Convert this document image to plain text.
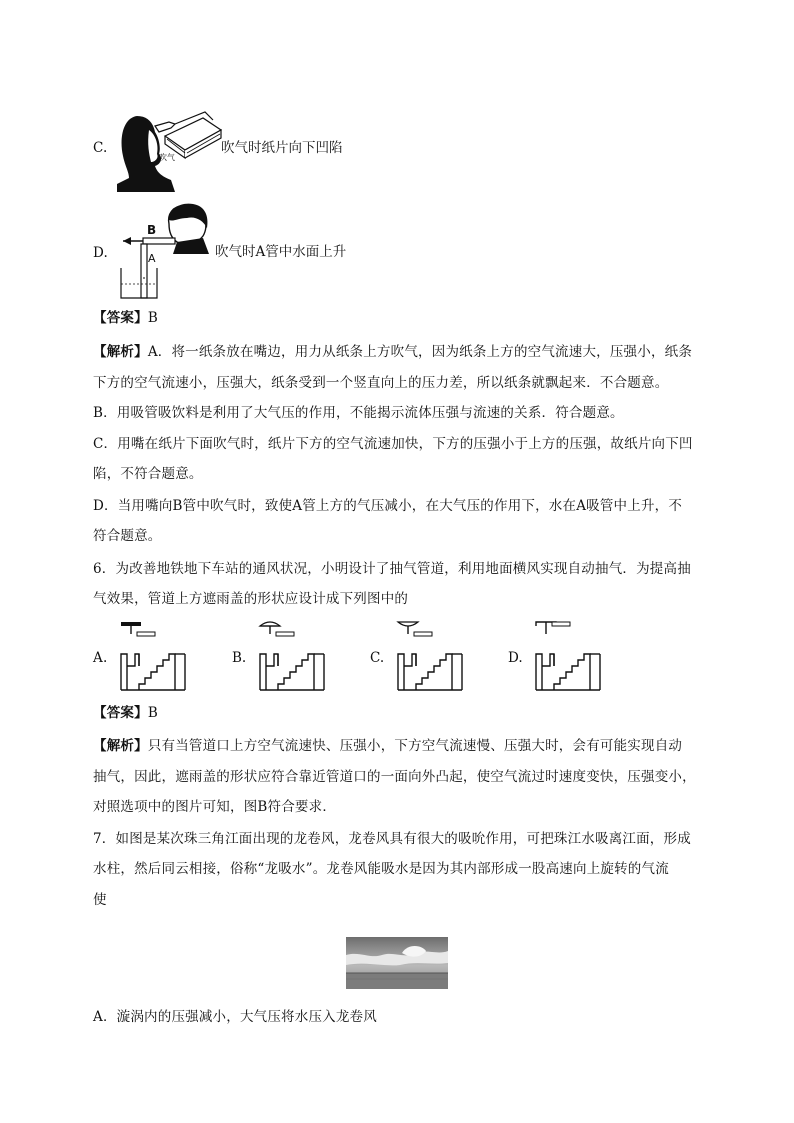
C.
吹气
吹气时纸片向下凹陷
D.
B
A	吹气时A管中水面上升
【答案】B
【解析】A．将一纸条放在嘴边，用力从纸条上方吹气，因为纸条上方的空气流速大，压强小，纸条
下方的空气流速小，压强大，纸条受到一个竖直向上的压力差，所以纸条就飘起来．不合题意。
B．用吸管吸饮料是利用了大气压的作用，不能揭示流体压强与流速的关系．符合题意。
C．用嘴在纸片下面吹气时，纸片下方的空气流速加快，下方的压强小于上方的压强，故纸片向下凹
陷，不符合题意。
D．当用嘴向B管中吹气时，致使A管上方的气压减小，在大气压的作用下，水在A吸管中上升，不
符合题意。
6．为改善地铁地下车站的通风状况，小明设计了抽气管道，利用地面横风实现自动抽气．为提高抽
气效果，管道上方遮雨盖的形状应设计成下列图中的
A.	B.	C.	D.
【答案】B
【解析】只有当管道口上方空气流速快、压强小，下方空气流速慢、压强大时，会有可能实现自动
抽气，因此，遮雨盖的形状应符合靠近管道口的一面向外凸起，使空气流过时速度变快，压强变小，
对照选项中的图片可知，图B符合要求．
7．如图是某次珠三角江面出现的龙卷风，龙卷风具有很大的吸吮作用，可把珠江水吸离江面，形成
水柱，然后同云相接，俗称“龙吸水”。龙卷风能吸水是因为其内部形成一股高速向上旋转的气流
使
A．漩涡内的压强减小，大气压将水压入龙卷风
